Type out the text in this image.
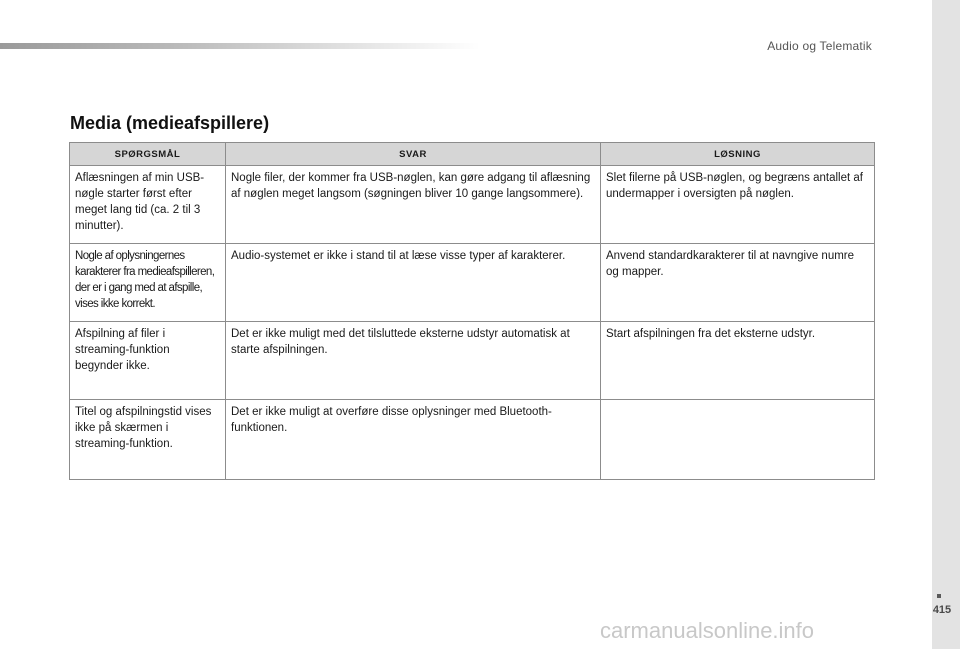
Audio og Telematik
415
Media (medieafspillere)
SPØRGSMÅL	SVAR	LØSNING
Aflæsningen af min USB-nøgle starter først efter meget lang tid (ca. 2 til 3 minutter).	Nogle filer, der kommer fra USB-nøglen, kan gøre adgang til aflæsning af nøglen meget langsom (søgningen bliver 10 gange langsommere).	Slet filerne på USB-nøglen, og begræns antallet af undermapper i oversigten på nøglen.
Nogle af oplysningernes karakterer fra medieafspilleren, der er i gang med at afspille, vises ikke korrekt.	Audio-systemet er ikke i stand til at læse visse typer af karakterer.	Anvend standardkarakterer til at navngive numre og mapper.
Afspilning af filer i streaming-funktion begynder ikke.	Det er ikke muligt med det tilsluttede eksterne udstyr automatisk at starte afspilningen.	Start afspilningen fra det eksterne udstyr.
Titel og afspilningstid vises ikke på skærmen i streaming-funktion.	Det er ikke muligt at overføre disse oplysninger med Bluetooth-funktionen.	
carmanualsonline.info
